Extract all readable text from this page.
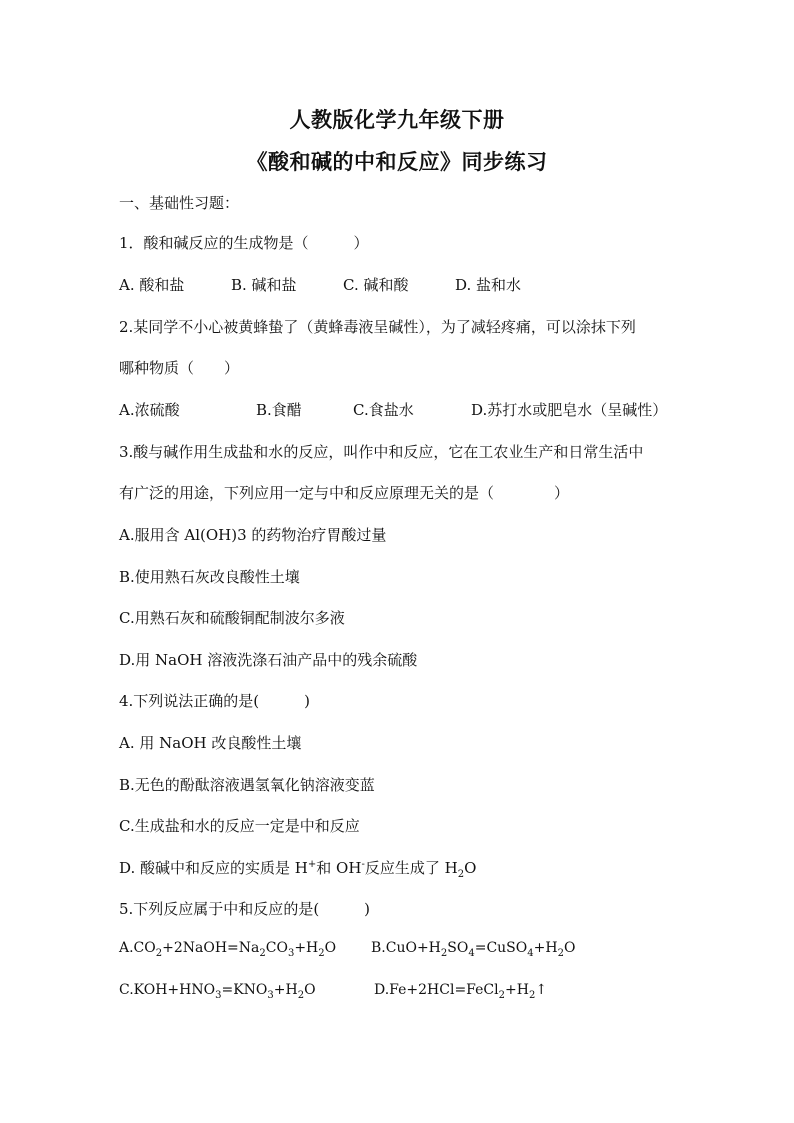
人教版化学九年级下册
《酸和碱的中和反应》同步练习
一、基础性习题：
1．酸和碱反应的生成物是（　　　）
A. 酸和盐	B. 碱和盐	C. 碱和酸	D. 盐和水
2.某同学不小心被黄蜂蛰了（黄蜂毒液呈碱性），为了减轻疼痛，可以涂抹下列
哪种物质（　　）
A.浓硫酸	B.食醋	C.食盐水	D.苏打水或肥皂水（呈碱性）
3.酸与碱作用生成盐和水的反应，叫作中和反应，它在工农业生产和日常生活中
有广泛的用途，下列应用一定与中和反应原理无关的是（　　　　）
A.服用含 Al(OH)3 的药物治疗胃酸过量
B.使用熟石灰改良酸性土壤
C.用熟石灰和硫酸铜配制波尔多液
D.用 NaOH 溶液洗涤石油产品中的残余硫酸
4.下列说法正确的是(　　　)
A. 用 NaOH 改良酸性土壤
B.无色的酚酞溶液遇氢氧化钠溶液变蓝
C.生成盐和水的反应一定是中和反应
D. 酸碱中和反应的实质是 H+和 OH-反应生成了 $H_2O$
5.下列反应属于中和反应的是(　　　)
$A.CO_2+2NaOH=Na_2CO_3+H_2O$ $B.CuO+H_2SO_4=CuSO_4+H_2O$
$C.KOH+HNO_3=KNO_3+H_2O$	$D.Fe+2HCl=FeCl_2+H_2↑$
